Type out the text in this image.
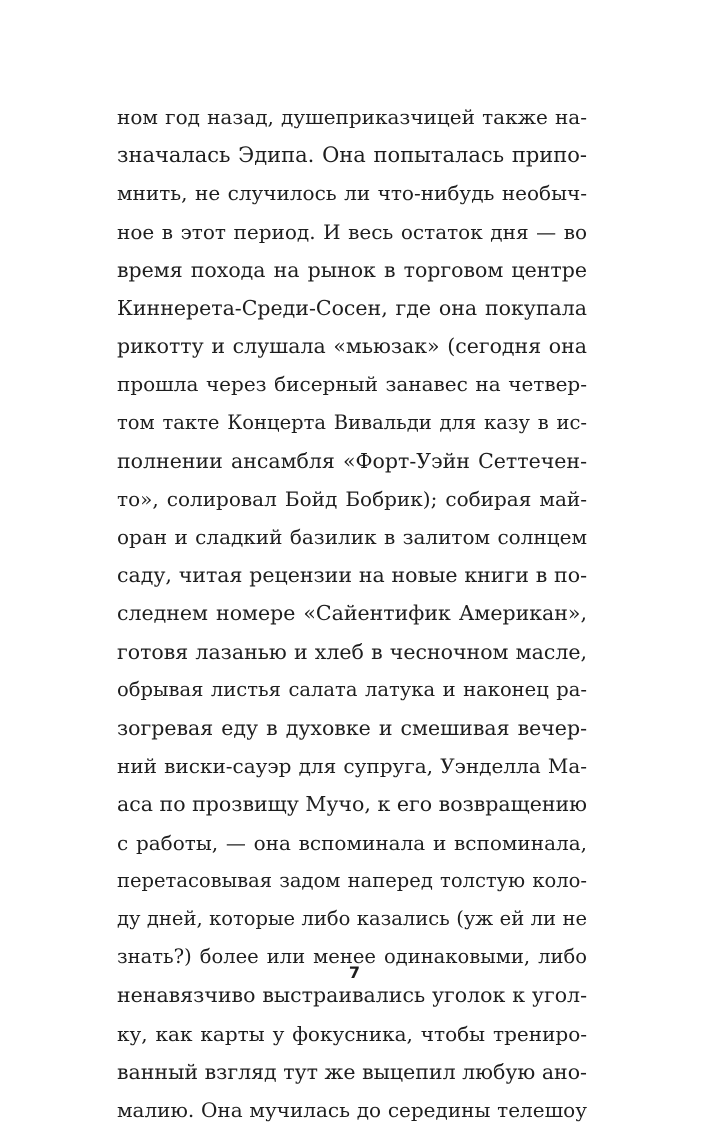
ном год назад, душеприказчицей также на-
значалась Эдипа. Она попыталась припо-
мнить, не случилось ли что-нибудь необыч-
ное в этот период. И весь остаток дня — во
время похода на рынок в торговом центре
Киннерета-Среди-Сосен, где она покупала
рикотту и слушала «мьюзак» (сегодня она
прошла через бисерный занавес на четвер-
том такте Концерта Вивальди для казу в ис-
полнении ансамбля «Форт-Уэйн Сеттечен-
то», солировал Бойд Бобрик); собирая май-
оран и сладкий базилик в залитом солнцем
саду, читая рецензии на новые книги в по-
следнем номере «Сайентифик Американ»,
готовя лазанью и хлеб в чесночном масле,
обрывая листья салата латука и наконец ра-
зогревая еду в духовке и смешивая вечер-
ний виски-сауэр для супруга, Уэнделла Ма-
аса по прозвищу Мучо, к его возвращению
с работы, — она вспоминала и вспоминала,
перетасовывая задом наперед толстую коло-
ду дней, которые либо казались (уж ей ли не
знать?) более или менее одинаковыми, либо
ненавязчиво выстраивались уголок к угол-
ку, как карты у фокусника, чтобы трениро-
ванный взгляд тут же выцепил любую ано-
малию. Она мучилась до середины телешоу
7
